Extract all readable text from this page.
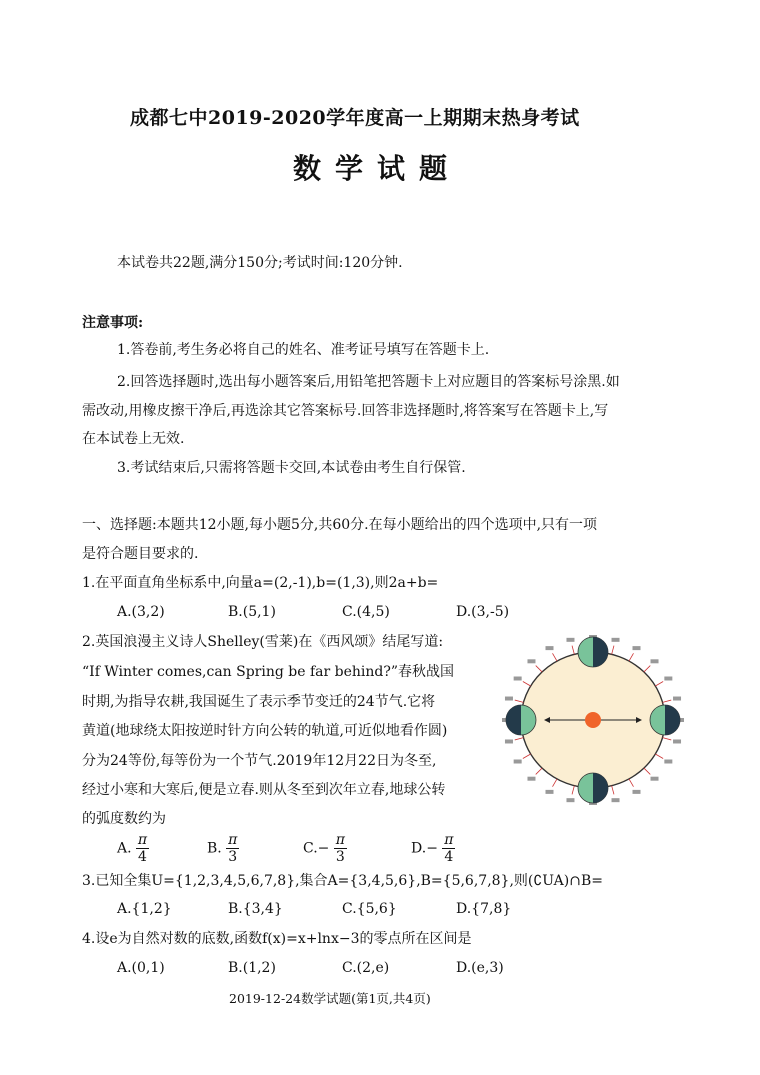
成都七中2019-2020学年度高一上期期末热身考试
数学试题
本试卷共22题,满分150分;考试时间:120分钟.
注意事项:
1.答卷前,考生务必将自己的姓名、准考证号填写在答题卡上.
2.回答选择题时,选出每小题答案后,用铅笔把答题卡上对应题目的答案标号涂黑.如
需改动,用橡皮擦干净后,再选涂其它答案标号.回答非选择题时,将答案写在答题卡上,写
在本试卷上无效.
3.考试结束后,只需将答题卡交回,本试卷由考生自行保管.
一、选择题:本题共12小题,每小题5分,共60分.在每小题给出的四个选项中,只有一项
是符合题目要求的.
1.在平面直角坐标系中,向量a=(2,-1),b=(1,3),则2a+b=
A.(3,2)	B.(5,1)	C.(4,5)	D.(3,-5)
2.英国浪漫主义诗人Shelley(雪莱)在《西风颂》结尾写道:
“If Winter comes,can Spring be far behind?”春秋战国
时期,为指导农耕,我国诞生了表示季节变迁的24节气.它将
黄道(地球绕太阳按逆时针方向公转的轨道,可近似地看作圆)
分为24等份,每等份为一个节气.2019年12月22日为冬至,
经过小寒和大寒后,便是立春.则从冬至到次年立春,地球公转
的弧度数约为
A. $\frac{\pi}{4}$	B. $\frac{\pi}{3}$	$C.- \frac{\pi}{3}$	$D.- \frac{\pi}{4}$
3.已知全集U={1,2,3,4,5,6,7,8},集合A={3,4,5,6},B={5,6,7,8},则(∁UA)∩B=
A.{1,2}	B.{3,4}	C.{5,6}	D.{7,8}
4.设e为自然对数的底数,函数f(x)=x+lnx−3的零点所在区间是
A.(0,1)	B.(1,2)	C.(2,e)	D.(e,3)
2019-12-24数学试题(第1页,共4页)
